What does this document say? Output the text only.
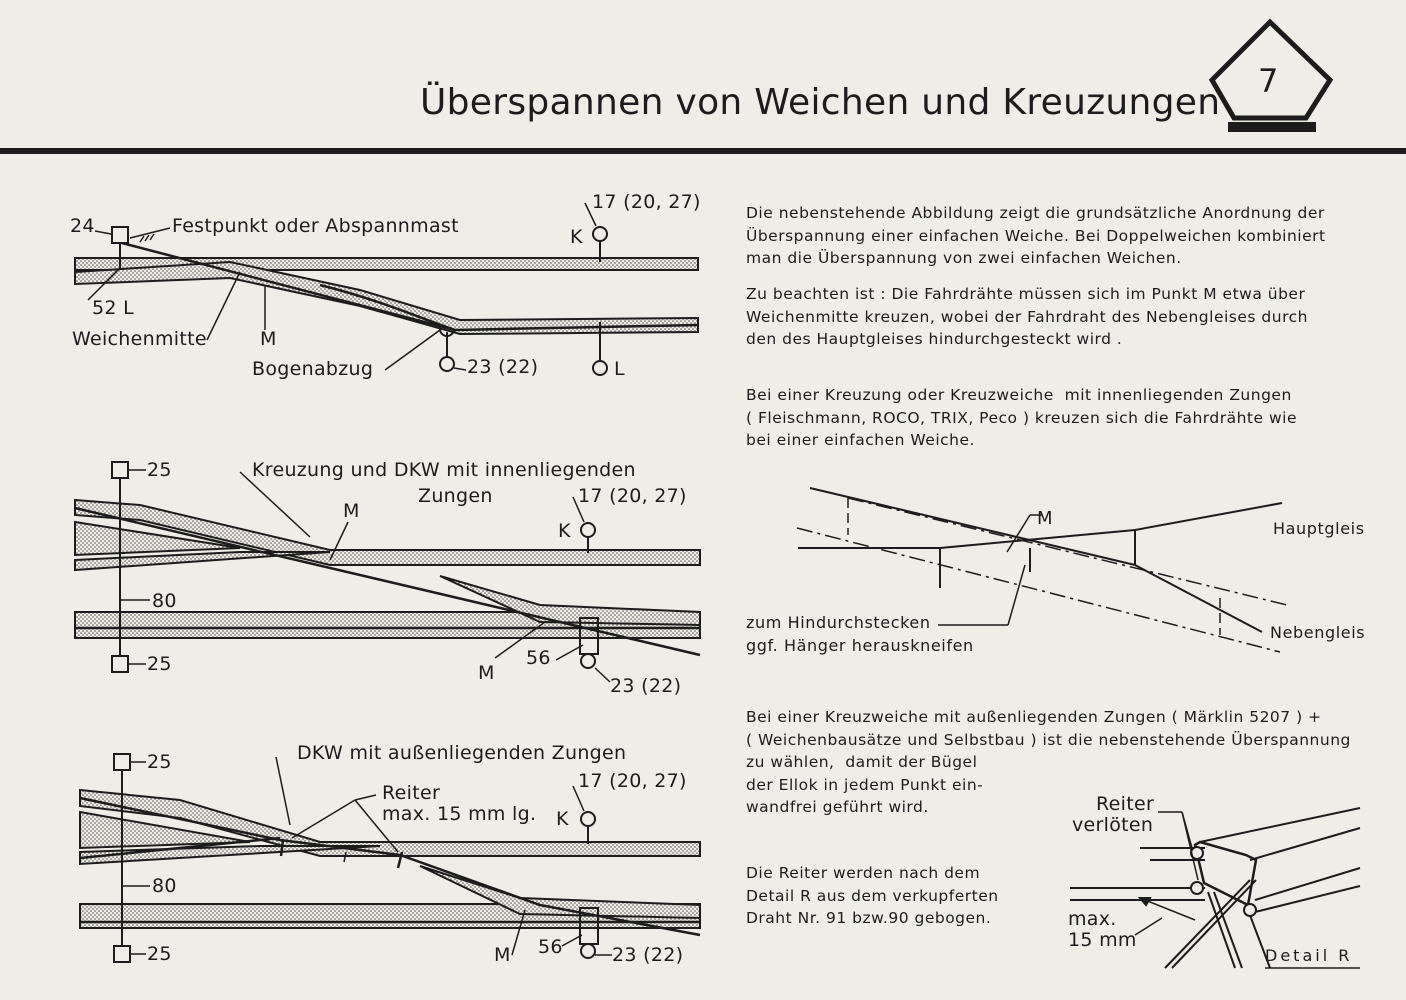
Überspannen von Weichen und Kreuzungen
7
Die nebenstehende Abbildung zeigt die grundsätzliche Anordnung der
Überspannung einer einfachen Weiche. Bei Doppelweichen kombiniert
man die Überspannung von zwei einfachen Weichen.
Zu beachten ist : Die Fahrdrähte müssen sich im Punkt M etwa über
Weichenmitte kreuzen, wobei der Fahrdraht des Nebengleises durch
den des Hauptgleises hindurchgesteckt wird .
Bei einer Kreuzung oder Kreuzweiche  mit innenliegenden Zungen
( Fleischmann, ROCO, TRIX, Peco ) kreuzen sich die Fahrdrähte wie
bei einer einfachen Weiche.
Bei einer Kreuzweiche mit außenliegenden Zungen ( Märklin 5207 ) +
( Weichenbausätze und Selbstbau ) ist die nebenstehende Überspannung
zu wählen,  damit der Bügel
der Ellok in jedem Punkt ein-
wandfrei geführt wird.
Die Reiter werden nach dem
Detail R aus dem verkupferten
Draht Nr. 91 bzw.90 gebogen.
24	Festpunkt oder Abspannmast
17 (20, 27)
K
52 L
Weichenmitte	M
Bogenabzug	23 (22)	L
25	Kreuzung und DKW mit innenliegenden
Zungen
M
17 (20, 27)
K
80
25	56
M
23 (22)
25	DKW mit außenliegenden Zungen
Reiter
max. 15 mm lg.
17 (20, 27)
K
80
25	M 56	23 (22)
M	Hauptgleis
Nebengleis
zum Hindurchstecken
ggf. Hänger herauskneifen
Reiter
verlöten
max.
15 mm
Detail R
